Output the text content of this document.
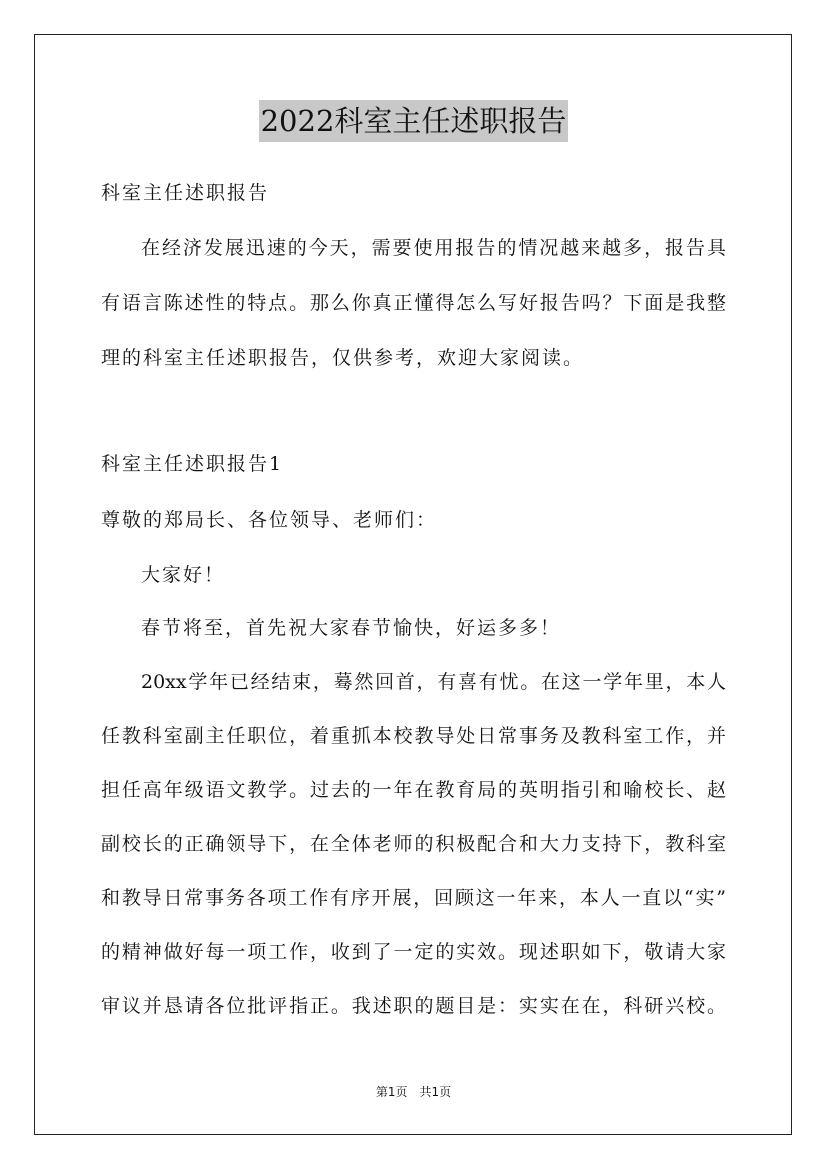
2022科室主任述职报告
科室主任述职报告
在经济发展迅速的今天，需要使用报告的情况越来越多，报告具
有语言陈述性的特点。那么你真正懂得怎么写好报告吗？下面是我整
理的科室主任述职报告，仅供参考，欢迎大家阅读。
科室主任述职报告1
尊敬的郑局长、各位领导、老师们：
大家好！
春节将至，首先祝大家春节愉快，好运多多！
20xx学年已经结束，蓦然回首，有喜有忧。在这一学年里，本人
任教科室副主任职位，着重抓本校教导处日常事务及教科室工作，并
担任高年级语文教学。过去的一年在教育局的英明指引和喻校长、赵
副校长的正确领导下，在全体老师的积极配合和大力支持下，教科室
和教导日常事务各项工作有序开展，回顾这一年来，本人一直以“实”
的精神做好每一项工作，收到了一定的实效。现述职如下，敬请大家
审议并恳请各位批评指正。我述职的题目是：实实在在，科研兴校。
第1页　共1页
